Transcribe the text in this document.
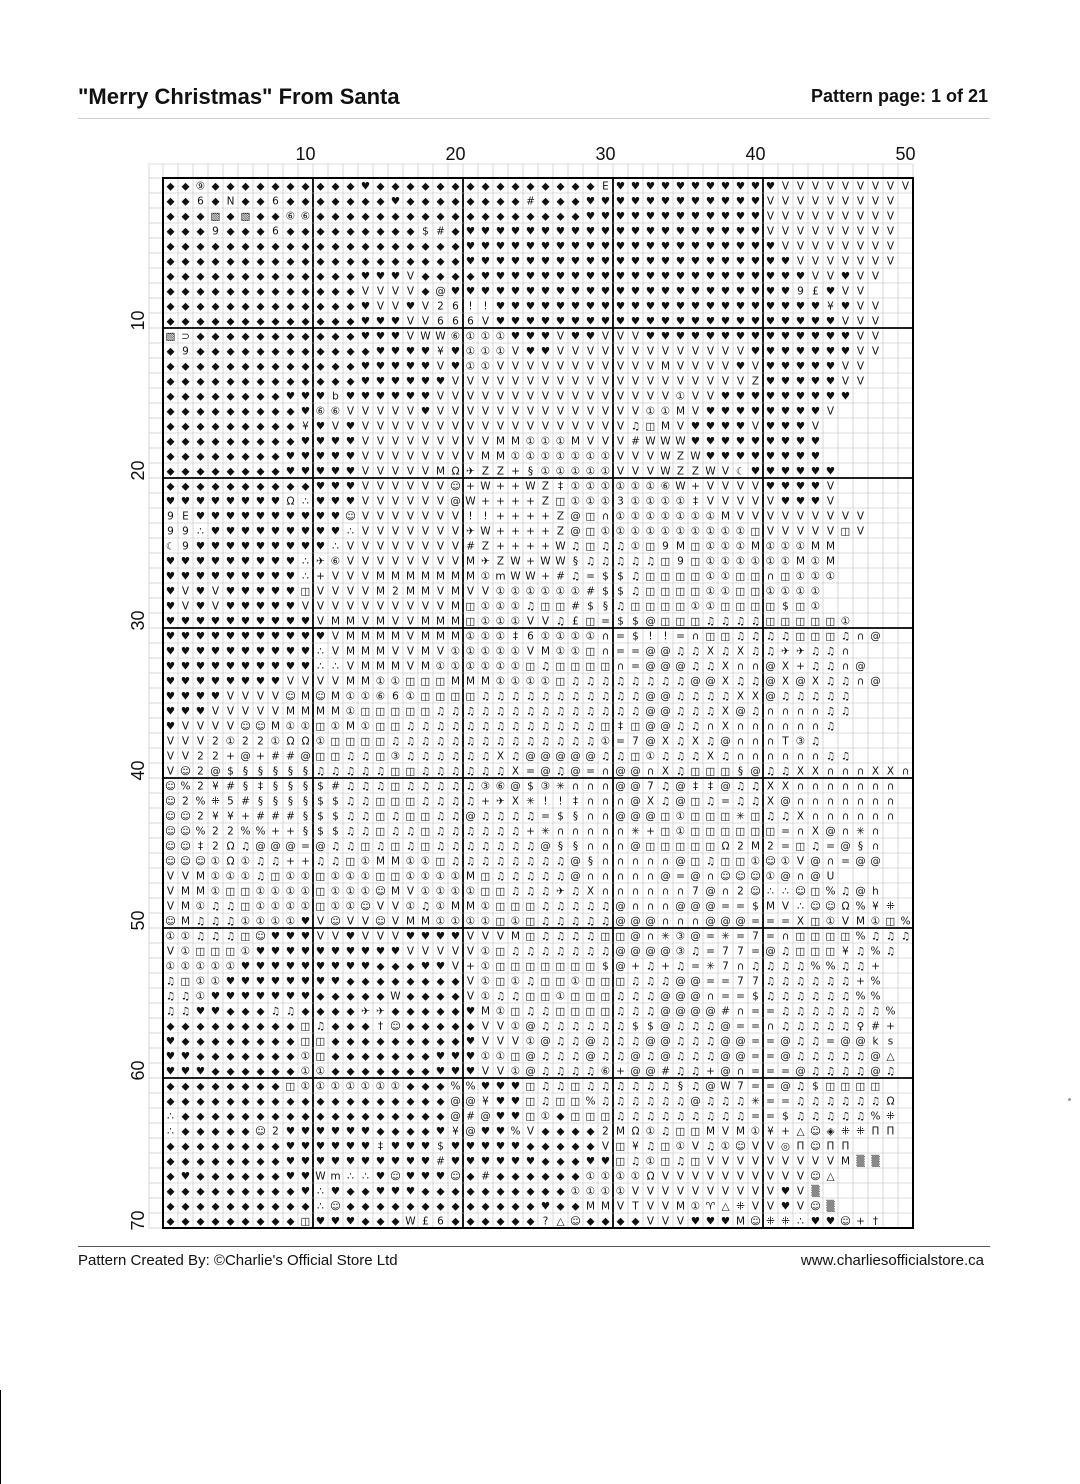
"Merry Christmas" From Santa	Pattern page: 1 of 21
◆ ◆ ⑨ ◆ ◆ ◆ ◆ ◆ ◆ ◆ ◆ ◆ ◆ ♥ ◆ ◆ ◆ ◆ ◆ ◆ ◆ ◆ ◆ ◆ ◆ ◆ ◆ ◆ ◆ E ♥ ♥ ♥ ♥ ♥ ♥ ♥ ♥ ♥ ♥ ♥ V V V V V V V V V
◆ ◆ 6 ◆ N ◆ ◆ 6 ◆ ◆ ◆ ◆ ◆ ◆ ◆ ♥ ◆ ◆ ◆ ◆ ◆ ◆ ◆ ◆ # ◆ ◆ ◆ ♥ ♥ ♥ ♥ ♥ ♥ ♥ ♥ ♥ ♥ ♥ ♥ V V V V V V V V V
◆ ◆ ◆ ▧ ◆ ▧ ◆ ◆ ⑥ ⑥ ◆ ◆ ◆ ◆ ◆ ◆ ◆ ◆ ◆ ◆ ◆ ◆ ◆ ◆ ◆ ◆ ◆ ◆ ♥ ♥ ♥ ♥ ♥ ♥ ♥ ♥ ♥ ♥ ♥ ♥ V V V V V V V V V
◆ ◆ ◆ 9 ◆ ◆ ◆ 6 ◆ ◆ ◆ ◆ ◆ ◆ ◆ ◆ ◆ $ # ◆ ♥ ♥ ♥ ♥ ♥ ♥ ♥ ♥ ♥ ♥ ♥ ♥ ♥ ♥ ♥ ♥ ♥ ♥ ♥ ♥ V V V V V V V V V
◆ ◆ ◆ ◆ ◆ ◆ ◆ ◆ ◆ ◆ ◆ ◆ ◆ ◆ ◆ ◆ ◆ ◆ ◆ ◆ ♥ ♥ ♥ ♥ ♥ ♥ ♥ ♥ ♥ ♥ ♥ ♥ ♥ ♥ ♥ ♥ ♥ ♥ ♥ ♥ ♥ V V V V V V V V
◆ ◆ ◆ ◆ ◆ ◆ ◆ ◆ ◆ ◆ ◆ ◆ ◆ ◆ ◆ ◆ ◆ ◆ ◆ ◆ ♥ ♥ ♥ ♥ ♥ ♥ ♥ ♥ ♥ ♥ ♥ ♥ ♥ ♥ ♥ ♥ ♥ ♥ ♥ ♥ ♥ ♥ V V V V V V V
◆ ◆ ◆ ◆ ◆ ◆ ◆ ◆ ◆ ◆ ◆ ◆ ◆ ♥ ♥ ♥ V ◆ ◆ ◆ ◆ ♥ ♥ ♥ ♥ ♥ ♥ ♥ ♥ ♥ ♥ ♥ ♥ ♥ ♥ ♥ ♥ ♥ ♥ ♥ ♥ ♥ ♥ V V ♥ V V
◆ ◆ ◆ ◆ ◆ ◆ ◆ ◆ ◆ ◆ ◆ ◆ ◆ V V V V ◆ @ ♥ ♥ ♥ ♥ ♥ ♥ ♥ ♥ ♥ ♥ ♥ ♥ ♥ ♥ ♥ ♥ ♥ ♥ ♥ ♥ ♥ ♥ ♥ 9 £ ♥ V V
◆ ◆ ◆ ◆ ◆ ◆ ◆ ◆ ◆ ◆ ◆ ◆ ◆ ♥ V V ♥ V 2 6 ! ! ♥ ♥ ♥ ♥ ♥ ♥ ♥ ♥ ♥ ♥ ♥ ♥ ♥ ♥ ♥ ♥ ♥ ♥ ♥ ♥ ♥ ♥ ¥ ♥ V V
◆ ◆ ◆ ◆ ◆ ◆ ◆ ◆ ◆ ◆ ◆ ◆ ◆ ♥ ♥ ♥ V V 6 6 6 V ♥ ♥ ♥ ♥ ♥ ♥ ♥ ♥ ♥ ♥ ♥ ♥ ♥ ♥ ♥ ♥ ♥ ♥ ♥ ♥ ♥ ♥ ♥ V V V
▧ ⊃ ◆ ◆ ◆ ◆ ◆ ◆ ◆ ◆ ◆ ◆ ◆ ♥ ♥ ♥ V W W ⑥ ① ① ① ♥ ♥ ♥ V ♥ ♥ V V V ♥ ♥ ♥ ♥ ♥ ♥ ♥ ♥ ♥ ♥ ♥ ♥ ♥ ♥ V V
◆ 9 ◆ ◆ ◆ ◆ ◆ ◆ ◆ ◆ ◆ ◆ ◆ ◆ ♥ ♥ ♥ ♥ ¥ ♥ ① ① ① V ♥ ♥ V V V V V V V V V V V V V ♥ ♥ ♥ ♥ ♥ ♥ ♥ V V
◆ ◆ ◆ ◆ ◆ ◆ ◆ ◆ ◆ ◆ ◆ ◆ ◆ ♥ ♥ ♥ ♥ ♥ V ♥ ① ① V V V V V V V V V V V M V V V V ♥ V ♥ ♥ ♥ ♥ ♥ V V
◆ ◆ ◆ ◆ ◆ ◆ ◆ ◆ ◆ ◆ ◆ ◆ ◆ ♥ ♥ ♥ ♥ ♥ ♥ V V V V V V V V V V V V V V V V V V V V Z ♥ ♥ ♥ ♥ ♥ V V
◆ ◆ ◆ ◆ ◆ ◆ ◆ ◆ ♥ ♥ ♥ b ♥ ♥ ♥ ♥ ♥ ♥ V V V V V V V V V V V V V V V V ① V V ♥ ♥ ♥ ♥ ♥ ♥ ♥ ♥ ♥
◆ ◆ ◆ ◆ ◆ ◆ ◆ ◆ ◆ ♥ ⑥ ⑥ V V V V V ♥ V V V V V V V V V V V V V V ① ① M V ♥ ♥ ♥ ♥ ♥ ♥ ♥ ♥ V
◆ ◆ ◆ ◆ ◆ ◆ ◆ ◆ ◆ ¥ ♥ V ♥ V V V V V V V V V V V V V V V V V V ♫ ◫ M V ♥ ♥ ♥ ♥ V ♥ ♥ ♥ V
◆ ◆ ◆ ◆ ◆ ◆ ◆ ◆ ◆ ♥ ♥ ♥ ♥ V V V V V V V V V M M ① ① ① M V V V # W W W ♥ ♥ ♥ ♥ ♥ ♥ ♥ ♥ ♥
◆ ◆ ◆ ◆ ◆ ◆ ◆ ◆ ♥ ♥ ♥ ♥ ♥ V V V V V V V V M M ① ① ① ① ① ① ① V V V W Z W ♥ ♥ ♥ ♥ ♥ ♥ ♥ ♥
◆ ◆ ◆ ◆ ◆ ◆ ◆ ◆ ♥ ♥ ♥ ♥ ♥ V V V V V M Ω ✈ Z Z + § ① ① ① ① ① V V V W Z Z W V ☾ ♥ ♥ ♥ ♥ ♥ ♥
◆ ◆ ◆ ◆ ◆ ◆ ◆ ◆ ◆ ◆ ♥ ♥ ♥ V V V V V V ☺ + W + + W Z ‡ ① ① ① ① ① ① ⑥ W + V V V V ♥ ♥ ♥ ♥ V
♥ ♥ ♥ ♥ ♥ ♥ ♥ ♥ Ω ∴ ♥ ♥ ♥ V V V V V V @ W + + + + Z ◫ ① ① ① 3 ① ① ① ① ‡ V V V V V ♥ ♥ ♥ V
9 E ♥ ♥ ♥ ♥ ♥ ♥ ♥ ♥ ♥ ♥ ☺ V V V V V V V ! ! + + + + Z @ ◫ ∩ ① ① ① ① ① ① ① M V V V V V V V V V
9 9 ∴ ♥ ♥ ♥ ♥ ♥ ♥ ♥ ♥ ♥ ∴ V V V V V V V ✈ W + + + + Z @ ◫ ① ① ① ① ① ① ① ① ① ① ◫ V V V V V ◫ V
☾ 9 ♥ ♥ ♥ ♥ ♥ ♥ ♥ ♥ ♥ ∴ V V V V V V V V # Z + + + + W ♫ ◫ ♫ ♫ ① ◫ 9 M ◫ ① ① ① M ① ① ① M M
♥ ♥ ♥ ♥ ♥ ♥ ♥ ♥ ♥ ∴ ✈ ⑥ V V V V V V V V M ✈ Z W + W W § ♫ ♫ ♫ ♫ ♫ ◫ 9 ◫ ① ① ① ① ① ① M ① M
♥ ♥ ♥ ♥ ♥ ♥ ♥ ♥ ♥ ∴ + V V V M M M M M M M ① m W W + # ♫ = $ $ ♫ ◫ ◫ ◫ ◫ ① ① ◫ ◫ ∩ ◫ ① ① ①
♥ V ♥ V ♥ ♥ ♥ ♥ ♥ ◫ V V V V M 2 M M V M V V ① ① ① ① ① ① # $ $ ♫ ◫ ◫ ◫ ◫ ① ① ◫ ◫ ① ① ① ①
♥ V ♥ V ♥ ♥ ♥ ♥ ♥ V V V V V V V V V V M ◫ ① ① ① ♫ ◫ ◫ # $ § ♫ ◫ ◫ ◫ ◫ ① ① ◫ ◫ ◫ ◫ $ ◫ ①
♥ ♥ ♥ ♥ ♥ ♥ ♥ ♥ ♥ ♥ V M M V M V V M M M ◫ ① ① ① V V ♫ £ ◫ = $ $ @ ◫ ◫ ◫ ♫ ♫ ♫ ♫ ◫ ◫ ◫ ◫ ◫ ①
♥ ♥ ♥ ♥ ♥ ♥ ♥ ♥ ♥ ♥ ♥ V M M M M V M M M ① ① ① ‡ 6 ① ① ① ① ∩ = $ ! ! = ∩ ◫ ◫ ♫ ♫ ♫ ♫ ◫ ◫ ◫ ♫ ∩ @
♥ ♥ ♥ ♥ ♥ ♥ ♥ ♥ ♥ ♥ ∴ V M M M V V M V ① ① ① ① ① V M ① ① ◫ ∩ = = @ @ ♫ ♫ X ♫ X ♫ ♫ ✈ ✈ ♫ ♫ ∩
♥ ♥ ♥ ♥ ♥ ♥ ♥ ♥ ♥ ♥ ∴ ∴ V M M M V M ① ① ① ① ① ① ◫ ♫ ◫ ◫ ◫ ◫ ∩ = @ @ @ ♫ ♫ X ∩ ∩ @ X + ♫ ♫ ∩ @
♥ ♥ ♥ ♥ ♥ ♥ ♥ ♥ V V V V M M ① ① ◫ ◫ ◫ M M M ① ① ① ① ◫ ♫ ♫ ♫ ♫ ♫ ♫ ♫ ♫ @ @ X ♫ ♫ @ X @ X ♫ ♫ ∩ @
♥ ♥ ♥ ♥ V V V V ☺ M ☺ M ① ① ⑥ 6 ① ◫ ◫ ◫ ◫ ♫ ♫ ♫ ♫ ♫ ♫ ♫ ♫ ♫ ♫ ♫ @ @ ♫ ♫ ♫ ♫ X X @ ♫ ♫ ♫ ♫ ♫
♥ ♥ ♥ V V V V V M M M M ① ◫ ◫ ◫ ◫ ◫ ♫ ♫ ♫ ♫ ♫ ♫ ♫ ♫ ♫ ♫ ♫ ♫ ♫ ♫ @ @ ♫ ♫ ♫ X @ ♫ ∩ ∩ ∩ ∩ ♫ ♫
♥ V V V V ☺ ☺ M ① ① ◫ ① M ① ◫ ◫ ♫ ♫ ♫ ♫ ♫ ♫ ♫ ♫ ♫ ♫ ♫ ♫ ♫ ◫ ‡ ◫ @ @ ♫ ♫ ∩ X ∩ ∩ ∩ ∩ ∩ ∩ ♫
V V V 2 ① 2 2 ① Ω Ω ① ◫ ◫ ◫ ◫ ♫ ♫ ♫ ♫ ♫ ♫ ♫ ♫ ♫ ♫ ♫ ♫ ♫ ♫ ① = 7 @ X ♫ X ♫ @ ∩ ∩ ∩ T ③ ♫
V V 2 2 + @ + # # @ ◫ ◫ ♫ ♫ ◫ ③ ♫ ♫ ♫ ♫ ♫ ♫ X ♫ @ @ @ @ @ ♫ ♫ ◫ ① ♫ ♫ ♫ X ♫ ∩ ∩ ∩ ∩ ∩ ∩ ♫ ♫
V ☺ 2 @ $ § § § § § ♫ ♫ ♫ ♫ ♫ ◫ ◫ ♫ ♫ ♫ ♫ ♫ ♫ X = @ ♫ @ = ∩ @ @ ∩ X ♫ ◫ ◫ ◫ § @ ♫ ♫ X X ∩ ∩ ∩ X X ∩
☺ % 2 ¥ # § ‡ § § § $ # ♫ ♫ ♫ ◫ ♫ ♫ ♫ ♫ ♫ ③ ⑥ @ $ ③ ✳ ∩ ∩ ∩ @ @ 7 ♫ @ ‡ ‡ @ ♫ ♫ X X ∩ ∩ ∩ ∩ ∩ ∩ ∩
☺ 2 % ⁜ 5 # § § § § $ $ ♫ ♫ ◫ ◫ ◫ ♫ ♫ ♫ ♫ + ✈ X ✳ ! ! ‡ ∩ ∩ ∩ @ X ♫ @ ◫ ♫ = ♫ ♫ X @ ∩ ∩ ∩ ∩ ∩ ∩ ∩
☺ ☺ 2 ¥ ¥ + # # # § $ $ ♫ ♫ ◫ ♫ ◫ ◫ ♫ ♫ @ ♫ ♫ ♫ ♫ = $ § ∩ ∩ @ @ @ ◫ ① ◫ ◫ ◫ ✳ ◫ ♫ ♫ X ∩ ∩ ∩ ∩ ∩ ∩
☺ ☺ % 2 2 % % + + § $ $ ♫ ♫ ◫ ♫ ♫ ◫ ♫ ♫ ♫ ♫ ♫ ♫ + ✳ ∩ ∩ ∩ ∩ ∩ ✳ + ◫ ① ◫ ◫ ◫ ◫ ◫ ◫ = ∩ X @ ∩ ✳ ∩
☺ ☺ ‡ 2 Ω ♫ @ @ @ = @ ♫ ♫ ◫ ♫ ◫ ♫ ◫ ♫ ♫ ♫ ♫ ♫ ♫ ♫ @ § § ∩ ∩ ∩ @ ◫ ◫ ◫ ◫ ◫ Ω 2 M 2 = ◫ ♫ = @ § ∩
☺ ☺ ☺ ① Ω ① ♫ ♫ + + ♫ ♫ ◫ ① M M ① ① ◫ ♫ ♫ ♫ ♫ ♫ ♫ ♫ ♫ @ § ∩ ∩ ∩ ∩ ∩ @ ◫ ♫ ◫ ◫ ① ☺ ① V @ ∩ = @ @
V V M ① ① ① ♫ ◫ ① ① ◫ ① ① ① ◫ ◫ ① ① ① ① M ◫ ♫ ♫ ♫ ♫ ♫ @ ∩ ∩ ∩ ∩ ∩ @ = @ ∩ ☺ ☺ ☺ ① @ ∩ @ U
V M M ① ◫ ◫ ① ① ① ① ◫ ① ① ① ☺ M V ① ① ① ① ◫ ◫ ♫ ♫ ♫ ✈ ♫ X ∩ ∩ ∩ ∩ ∩ ∩ 7 @ ∩ 2 ☺ ∴ ∴ ☺ ◫ % ♫ @ h
V M ① ♫ ♫ ◫ ① ① ① ① ◫ ① ① ☺ V V ① ♫ ① M M ① ◫ ◫ ◫ ♫ ♫ ♫ ♫ ♫ @ ∩ ∩ ∩ @ @ @ = = $ M V ∴ ☺ ☺ Ω % ¥ ⁜
☺ M ♫ ♫ ♫ ① ① ① ① ♥ V ☺ V V ☺ V M M ① ① ① ① ◫ ① ◫ ♫ ♫ ♫ ♫ ♫ @ @ @ ∩ ∩ ∩ @ @ @ = = = X ◫ ① V M ① ◫ %
① ① ♫ ♫ ♫ ◫ ☺ ♥ ♥ ♥ V V ♥ V V V ♥ ♥ ♥ ♥ V V V M ◫ ♫ ♫ ♫ ♫ ◫ ◫ @ ∩ ✳ ③ @ = ✳ = 7 = ∩ ◫ ◫ ◫ ◫ % ♫ ♫ ♫
V ① ◫ ◫ ◫ ① ♥ ♥ ♥ ♥ ♥ ♥ ♥ ♥ ♥ ♥ V V V V V ① ◫ ♫ ♫ ♫ ♫ ♫ ♫ ♫ @ @ @ @ ③ ♫ = 7 7 = @ ♫ ◫ ◫ ◫ ¥ ♫ % ♫
① ① ① ① ① ♥ ♥ ♥ ♥ ♥ ♥ ♥ ♥ ♥ ◆ ◆ ◆ ♥ ♥ V + ① ◫ ◫ ◫ ◫ ◫ ◫ ◫ $ @ + ♫ + ♫ = ✳ 7 ∩ ♫ ♫ ♫ ♫ % % ♫ ♫ +
♫ ◫ ① ① ♥ ♥ ♥ ♥ ♥ ♥ ♥ ♥ ◆ ◆ ◆ ◆ ◆ ◆ ◆ ◆ V ① ◫ ① ♫ ◫ ◫ ① ◫ ◫ ◫ ♫ ♫ ♫ @ @ = = 7 7 ♫ ♫ ♫ ♫ ♫ ♫ + %
♫ ♫ ① ♥ ♥ ♥ ♥ ♥ ♥ ♥ ◆ ◆ ◆ ◆ ◆ W ◆ ◆ ◆ ◆ V ① ♫ ♫ ◫ ◫ ① ◫ ◫ ◫ ♫ ♫ ♫ @ @ @ ∩ = = $ ♫ ♫ ♫ ♫ ♫ ♫ % %
♫ ♫ ♥ ♥ ◆ ◆ ◆ ♫ ♫ ◆ ◆ ◆ ◆ ✈ ✈ ◆ ◆ ◆ ◆ ◆ ♥ M ① ◫ ♫ ♫ ◫ ◫ ◫ ◫ ♫ ♫ ♫ @ @ @ @ # ∩ = = ♫ ♫ ♫ ♫ ♫ ♫ ♫ %
◆ ◆ ◆ ◆ ◆ ◆ ◆ ◆ ◆ ◫ ♫ ◆ ◆ ◆ † ☺ ◆ ◆ ◆ ◆ ◆ V V ① @ ♫ ♫ ♫ ♫ ♫ ♫ $ $ @ ♫ ♫ ♫ @ = = ∩ ♫ ♫ ♫ ♫ ♫ ♀ # +
♥ ◆ ◆ ◆ ◆ ◆ ◆ ◆ ◆ ◫ ◫ ◆ ◆ ◆ ◆ ◆ ◆ ◆ ◆ ◆ ♥ V V V ① @ ♫ ♫ @ ♫ ♫ ♫ @ @ ♫ ♫ ♫ @ @ = = @ ♫ ♫ = @ @ k s
♥ ♥ ◆ ◆ ◆ ◆ ◆ ◆ ◆ ① ◫ ◆ ◆ ◆ ◆ ◆ ◆ ◆ ♥ ♥ ♥ ① ① ◫ @ ♫ ♫ ♫ @ ♫ ♫ @ ♫ @ ♫ ♫ ♫ @ @ = = @ ♫ ♫ ♫ ♫ ♫ @ △
♥ ♥ ♥ ◆ ◆ ◆ ◆ ◆ ◆ ① ① ◆ ◆ ◆ ◆ ◆ ◆ ◆ ♥ ♥ ♥ V V ① @ ♫ ♫ ♫ ♫ ⑥ + @ @ # ♫ ♫ + @ ∩ = = = @ ♫ ♫ ♫ ♫ @ ♫
◆ ◆ ◆ ◆ ◆ ◆ ◆ ◆ ◫ ① ① ① ① ① ① ① ◆ ◆ ◆ % % ♥ ♥ ♥ ◫ ♫ ♫ ◫ ♫ ♫ ♫ ♫ ♫ ♫ § ♫ @ W 7 = = @ ♫ $ ◫ ◫ ◫ ◫
◆ ◆ ◆ ◆ ◆ ◆ ◆ ◆ ◆ ◆ ◆ ◆ ◆ ◆ ◆ ◆ ◆ ◆ ◆ @ @ ¥ ♥ ♥ ◫ ♫ ◫ ◫ % ♫ ♫ ♫ ♫ ♫ ♫ @ ♫ ♫ ♫ ✳ = = ♫ ♫ ♫ ♫ ♫ ♫ Ω
∴ ◆ ◆ ◆ ◆ ◆ ◆ ◆ ◆ ◆ ◆ ◆ ◆ ◆ ◆ ◆ ◆ ◆ ◆ @ # @ ♥ ♥ ◫ ① ◆ ◫ ◫ ◫ ♫ ♫ ♫ ♫ ♫ ♫ ♫ ♫ ♫ = = $ ♫ ♫ ♫ ♫ ♫ % ⁜
∴ ◆ ◆ ◆ ◆ ◆ ☺ 2 ♥ ♥ ♥ ♥ ♥ ♥ ◆ ◆ ◆ ◆ ♥ ¥ @ ♥ ♥ % V ◆ ◆ ◆ ◆ 2 M Ω ① ♫ ◫ ◫ M V M ① ¥ + △ ☺ ◈ ⁜ ⁜ Π Π
◆ ◆ ◆ ◆ ◆ ◆ ◆ ◆ ♥ ♥ ♥ ♥ ♥ ♥ ‡ ♥ ♥ ♥ $ ♥ ♥ ♥ ♥ ♥ ◆ ◆ ◆ ◆ ◆ V ◫ ¥ ♫ ◫ ① V ♫ ① ☺ V V ◎ Π ☺ Π Π
◆ ◆ ◆ ◆ ◆ ◆ ◆ ◆ ♥ ♥ ♥ ♥ ♥ ♥ ♥ ♥ ♥ ♥ # ♥ ♥ ♥ ♥ ♥ ♥ ◆ ◆ ◆ ♥ ♥ ◫ ♫ ① ◫ ♫ ◫ V V V V V V V V V M ▒ ▒
◆ ♥ ◆ ◆ ◆ ◆ ◆ ◆ ♥ ♥ W m ∴ ∴ ♥ ☺ ♥ ♥ ♥ ☺ ◆ # ◆ ◆ ◆ ◆ ◆ ◆ ① ① ① ① Ω V V V V V V V V V V ☺ △
◆ ◆ ◆ ◆ ◆ ◆ ◆ ◆ ◆ ♥ ∴ ♥ ◆ ◆ ♥ ♥ ♥ ◆ ◆ ◆ ◆ ◆ ◆ ◆ ◆ ◆ ◆ ① ① ① ① V V V V V V V V V V ♥ V ▒
◆ ◆ ◆ ◆ ◆ ◆ ◆ ◆ ◆ ◆ ∴ ☺ ◆ ◆ ◆ ◆ ◆ ◆ ◆ ◆ ◆ ◆ ◆ ◆ ◆ ♥ ◆ ◆ M M V T V V M ① ♈ △ ⁜ V V ♥ V ☺ ▒
◆ ◆ ◆ ◆ ◆ ◆ ◆ ◆ ◆ ◫ ♥ ♥ ♥ ◆ ◆ ◆ W £ 6 ◆ ◆ ◆ ◆ ◆ ◆ ? △ ☺ ◆ ◆ ◆ ◆ V V V ♥ ♥ ♥ M ☺ ⁜ ⁜ ∴ ♥ ♥ ☺ + †
10	20	30	40	50
10
20
30
40
50
60
70
Pattern Created By: ©Charlie's Official Store Ltd	www.charliesofficialstore.ca
